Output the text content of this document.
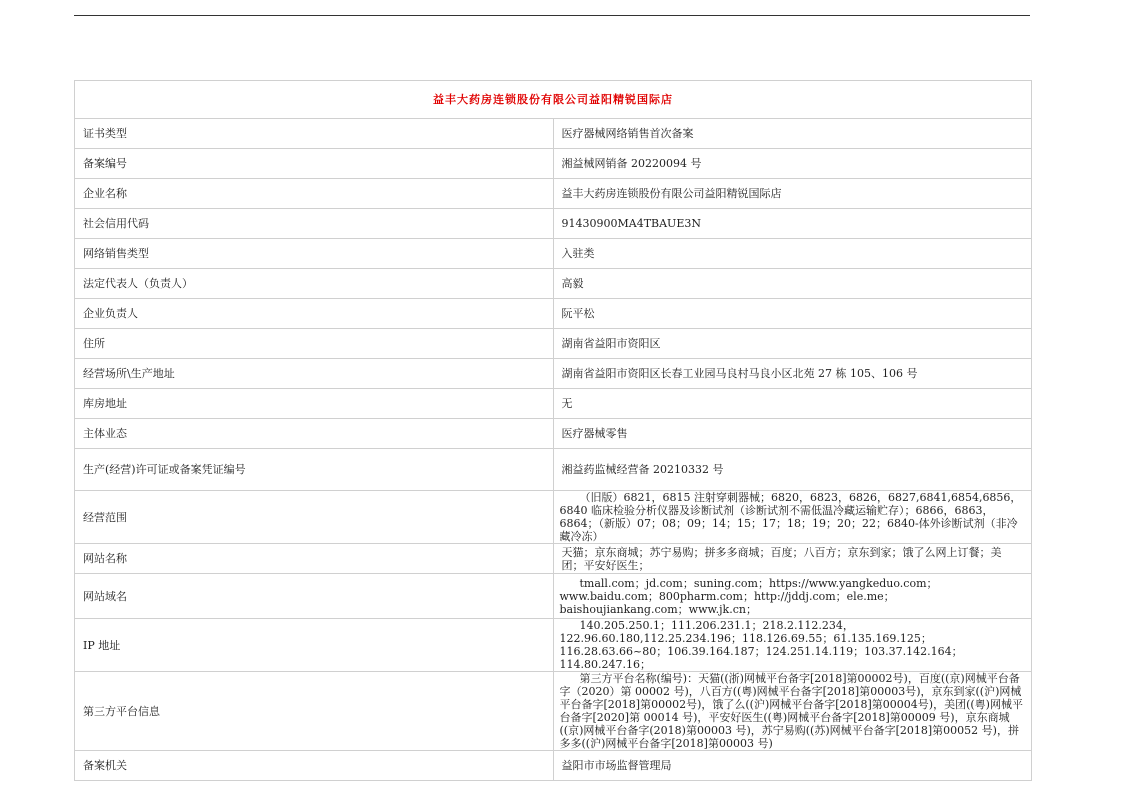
益丰大药房连锁股份有限公司益阳精锐国际店	
证书类型	医疗器械网络销售首次备案
备案编号	湘益械网销备 20220094 号
企业名称	益丰大药房连锁股份有限公司益阳精锐国际店
社会信用代码	91430900MA4TBAUE3N
网络销售类型	入驻类
法定代表人（负责人）	高毅
企业负责人	阮平松
住所	湖南省益阳市资阳区
经营场所\生产地址	湖南省益阳市资阳区长春工业园马良村马良小区北苑 27 栋 105、106 号
库房地址	无
主体业态	医疗器械零售
生产(经营)许可证或备案凭证编号	湘益药监械经营备 20210332 号
经营范围	（旧版）6821，6815 注射穿刺器械；6820，6823，6826，6827,6841,6854,6856，6840 临床检验分析仪器及诊断试剂（诊断试剂不需低温冷藏运输贮存）；6866，6863，6864；（新版）07；08；09；14；15；17；18；19；20；22；6840-体外诊断试剂（非冷藏冷冻）
网站名称	天猫；京东商城；苏宁易购；拼多多商城；百度；八百方；京东到家；饿了么网上订餐；美团；平安好医生；
网站域名	tmall.com；jd.com；suning.com；https://www.yangkeduo.com；www.baidu.com；800pharm.com；http://jddj.com；ele.me；baishoujiankang.com；www.jk.cn；
IP 地址	140.205.250.1；111.206.231.1；218.2.112.234，122.96.60.180,112.25.234.196；118.126.69.55；61.135.169.125；116.28.63.66~80；106.39.164.187；124.251.14.119；103.37.142.164；114.80.247.16；
第三方平台信息	第三方平台名称(编号)：天猫((浙)网械平台备字[2018]第00002号)，百度((京)网械平台备字（2020）第 00002 号)，八百方((粤)网械平台备字[2018]第00003号)，京东到家((沪)网械平台备字[2018]第00002号)，饿了么((沪)网械平台备字[2018]第00004号)，美团((粤)网械平台备字[2020]第 00014 号)，平安好医生((粤)网械平台备字[2018]第00009 号)，京东商城((京)网械平台备字(2018)第00003 号)，苏宁易购((苏)网械平台备字[2018]第00052 号)，拼多多((沪)网械平台备字[2018]第00003 号)
备案机关	益阳市市场监督管理局
